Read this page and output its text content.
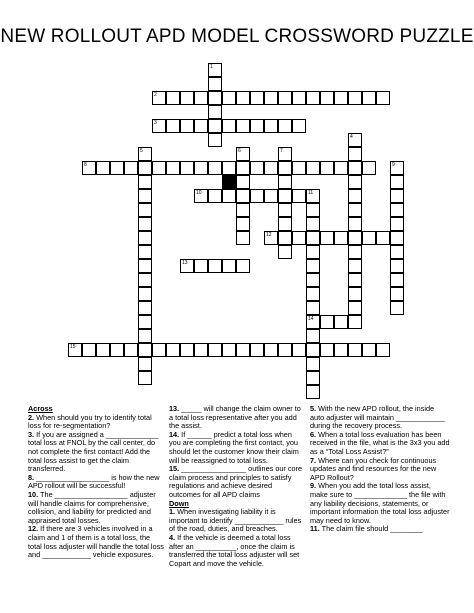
NEW ROLLOUT APD MODEL CROSSWORD PUZZLE
1
2
3
4
5	6	7
8	9
10	11
12
13
14
15

Across

2. When should you try to identify total loss for re-segmentation?

3. If you are assigned a _____________ total loss at FNOL by the call center, do not complete the first contact! Add the total loss assist to get the claim transferred.

8. __________________ is how the new APD rollout will be successful!

10. The __________________ adjuster will handle claims for comprehensive, collision, and liability for predicted and appraised total losses.

12. If there are 3 vehicles involved in a claim and 1 of them is a total loss, the total loss adjuster will handle the total loss and ____________ vehicle exposures.

13. _____ will change the claim owner to a total loss representative after you add the assist.

14. If ______ predict a total loss when you are completing the first contact, you should let the customer know their claim will be reassigned to total loss.

15. ________________ outlines our core claim process and principles to satisfy regulations and achieve desired outcomes for all APD claims

Down

1. When investigating liability it is important to identify ____________ rules of the road, duties, and breaches.

4. If the vehicle is deemed a total loss after an __________, once the claim is transferred the total loss adjuster will set Copart and move the vehicle.

5. With the new APD rollout, the inside auto adjuster will maintain ____________ during the recovery process.

6. When a total loss evaluation has been received in the file, what is the 3x3 you add as a “Total Loss Assist?”

7. Where can you check for continuous updates and find resources for the new APD Rollout?

9. When you add the total loss assist, make sure to _____________ the file with any liability decisions, statements, or important information the total loss adjuster may need to know.

11. The claim file should ________
